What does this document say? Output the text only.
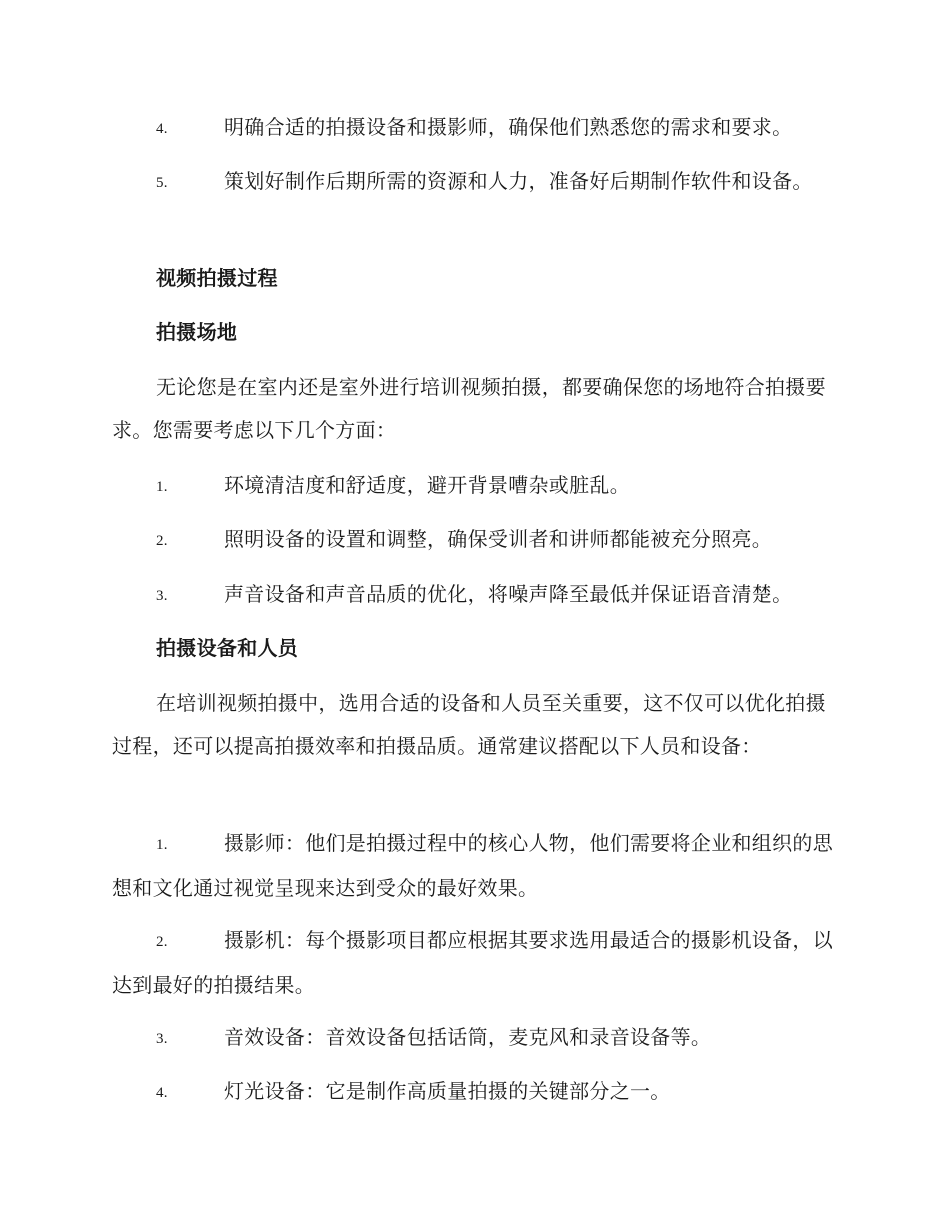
4.	明确合适的拍摄设备和摄影师，确保他们熟悉您的需求和要求。
5.	策划好制作后期所需的资源和人力，准备好后期制作软件和设备。
视频拍摄过程
拍摄场地
无论您是在室内还是室外进行培训视频拍摄，都要确保您的场地符合拍摄要求。您需要考虑以下几个方面：
1.	环境清洁度和舒适度，避开背景嘈杂或脏乱。
2.	照明设备的设置和调整，确保受训者和讲师都能被充分照亮。
3.	声音设备和声音品质的优化，将噪声降至最低并保证语音清楚。
拍摄设备和人员
在培训视频拍摄中，选用合适的设备和人员至关重要，这不仅可以优化拍摄过程，还可以提高拍摄效率和拍摄品质。通常建议搭配以下人员和设备：
1.	摄影师：他们是拍摄过程中的核心人物，他们需要将企业和组织的思想和文化通过视觉呈现来达到受众的最好效果。
2.	摄影机：每个摄影项目都应根据其要求选用最适合的摄影机设备，以达到最好的拍摄结果。
3.	音效设备：音效设备包括话筒，麦克风和录音设备等。
4.	灯光设备：它是制作高质量拍摄的关键部分之一。
